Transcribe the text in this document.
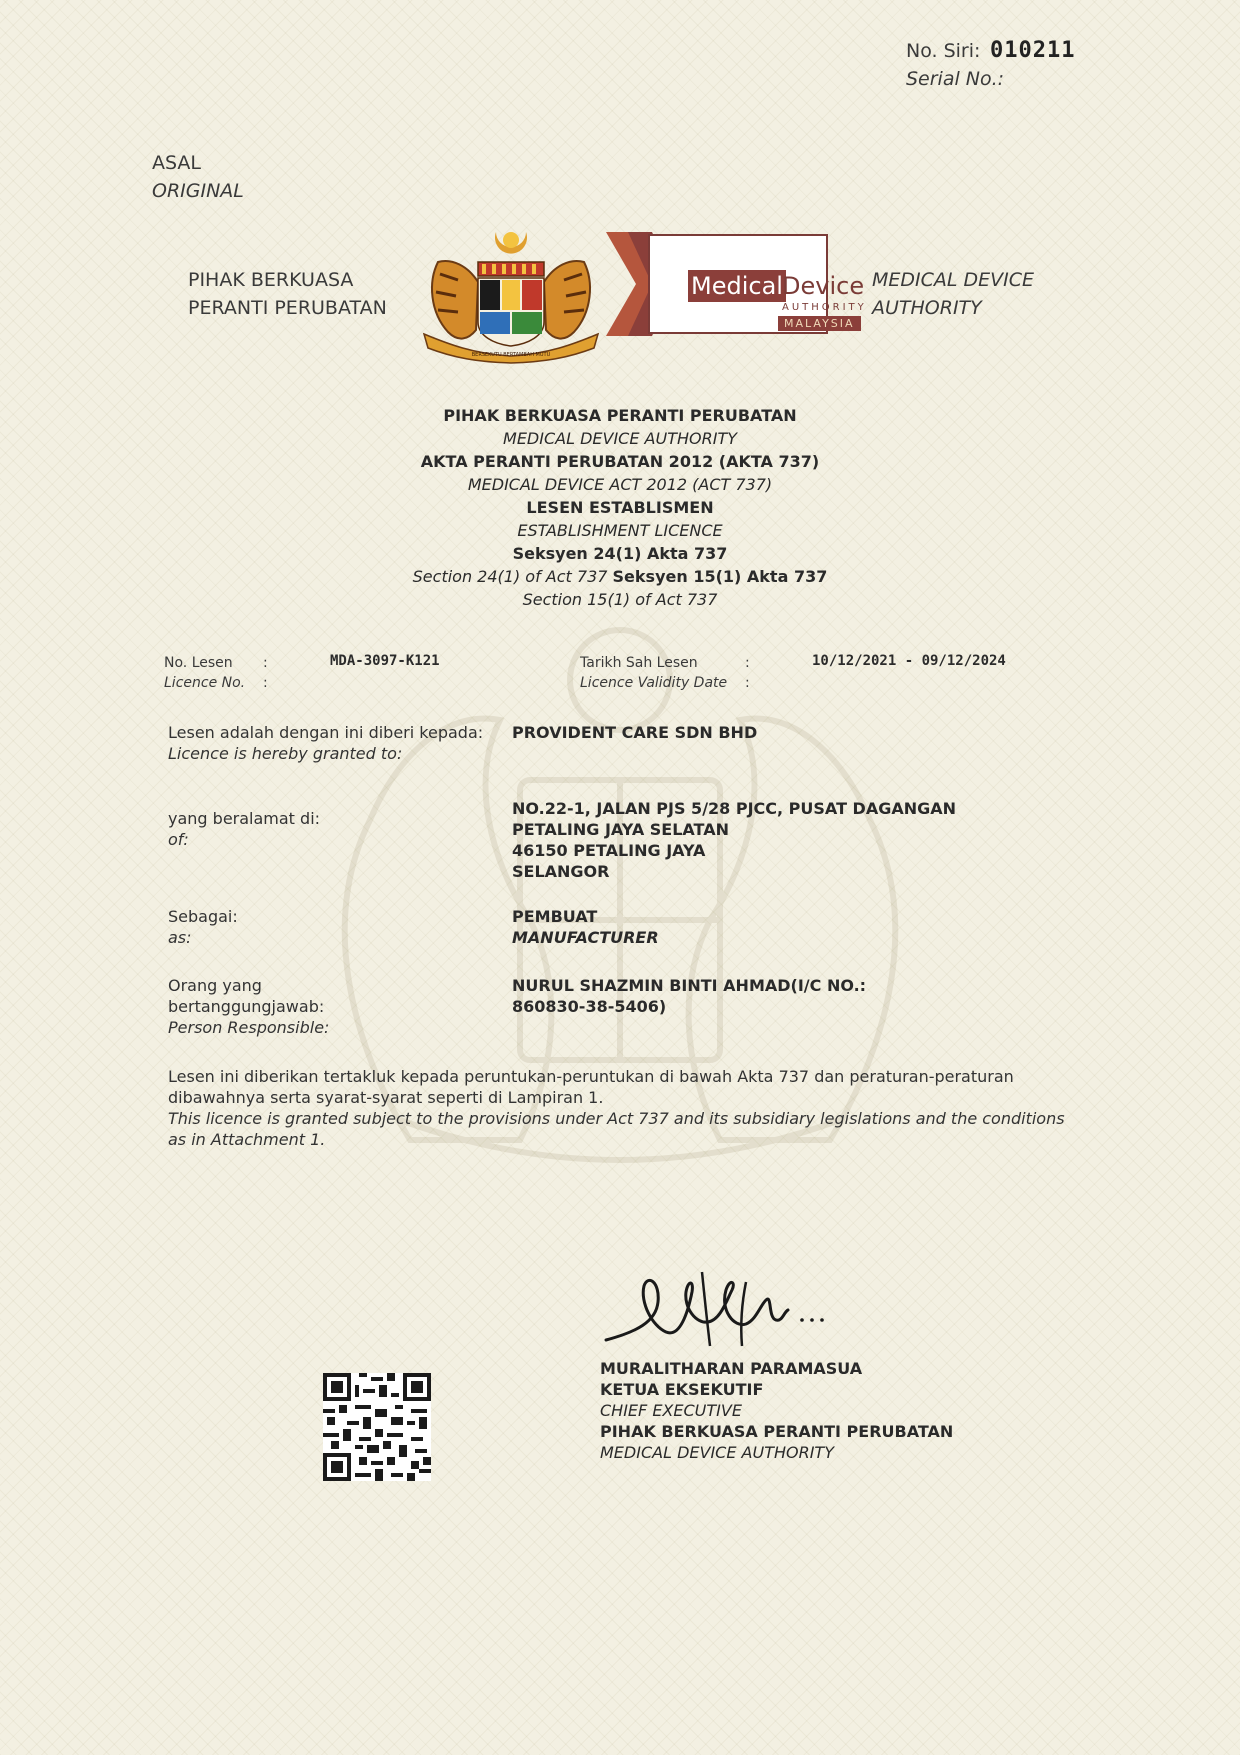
No. Siri: 010211
Serial No.:
ASAL
ORIGINAL
PIHAK BERKUASA
PERANTI PERUBATAN
MEDICAL DEVICE
AUTHORITY
BERSEKUTU BERTAMBAH MUTU
Medical Device
AUTHORITY
MALAYSIA
PIHAK BERKUASA PERANTI PERUBATAN
MEDICAL DEVICE AUTHORITY
AKTA PERANTI PERUBATAN 2012 (AKTA 737)
MEDICAL DEVICE ACT 2012 (ACT 737)
LESEN ESTABLISMEN
ESTABLISHMENT LICENCE
Seksyen 24(1) Akta 737
Section 24(1) of Act 737 Seksyen 15(1) Akta 737
Section 15(1) of Act 737
No. Lesen
Licence No.
:
:
MDA-3097-K121	Tarikh Sah Lesen
Licence Validity Date
:
:
10/12/2021 - 09/12/2024
Lesen adalah dengan ini diberi kepada:
Licence is hereby granted to:
PROVIDENT CARE SDN BHD
yang beralamat di:
of:
NO.22-1, JALAN PJS 5/28 PJCC, PUSAT DAGANGAN
PETALING JAYA SELATAN
46150 PETALING JAYA
SELANGOR
Sebagai:
as:
PEMBUAT
MANUFACTURER
Orang yang
bertanggungjawab:
Person Responsible:
NURUL SHAZMIN BINTI AHMAD(I/C NO.:
860830-38-5406)
Lesen ini diberikan tertakluk kepada peruntukan-peruntukan di bawah Akta 737 dan peraturan-peraturan
dibawahnya serta syarat-syarat seperti di Lampiran 1.
This licence is granted subject to the provisions under Act 737 and its subsidiary legislations and the conditions
as in Attachment 1.
MURALITHARAN PARAMASUA
KETUA EKSEKUTIF
CHIEF EXECUTIVE
PIHAK BERKUASA PERANTI PERUBATAN
MEDICAL DEVICE AUTHORITY
